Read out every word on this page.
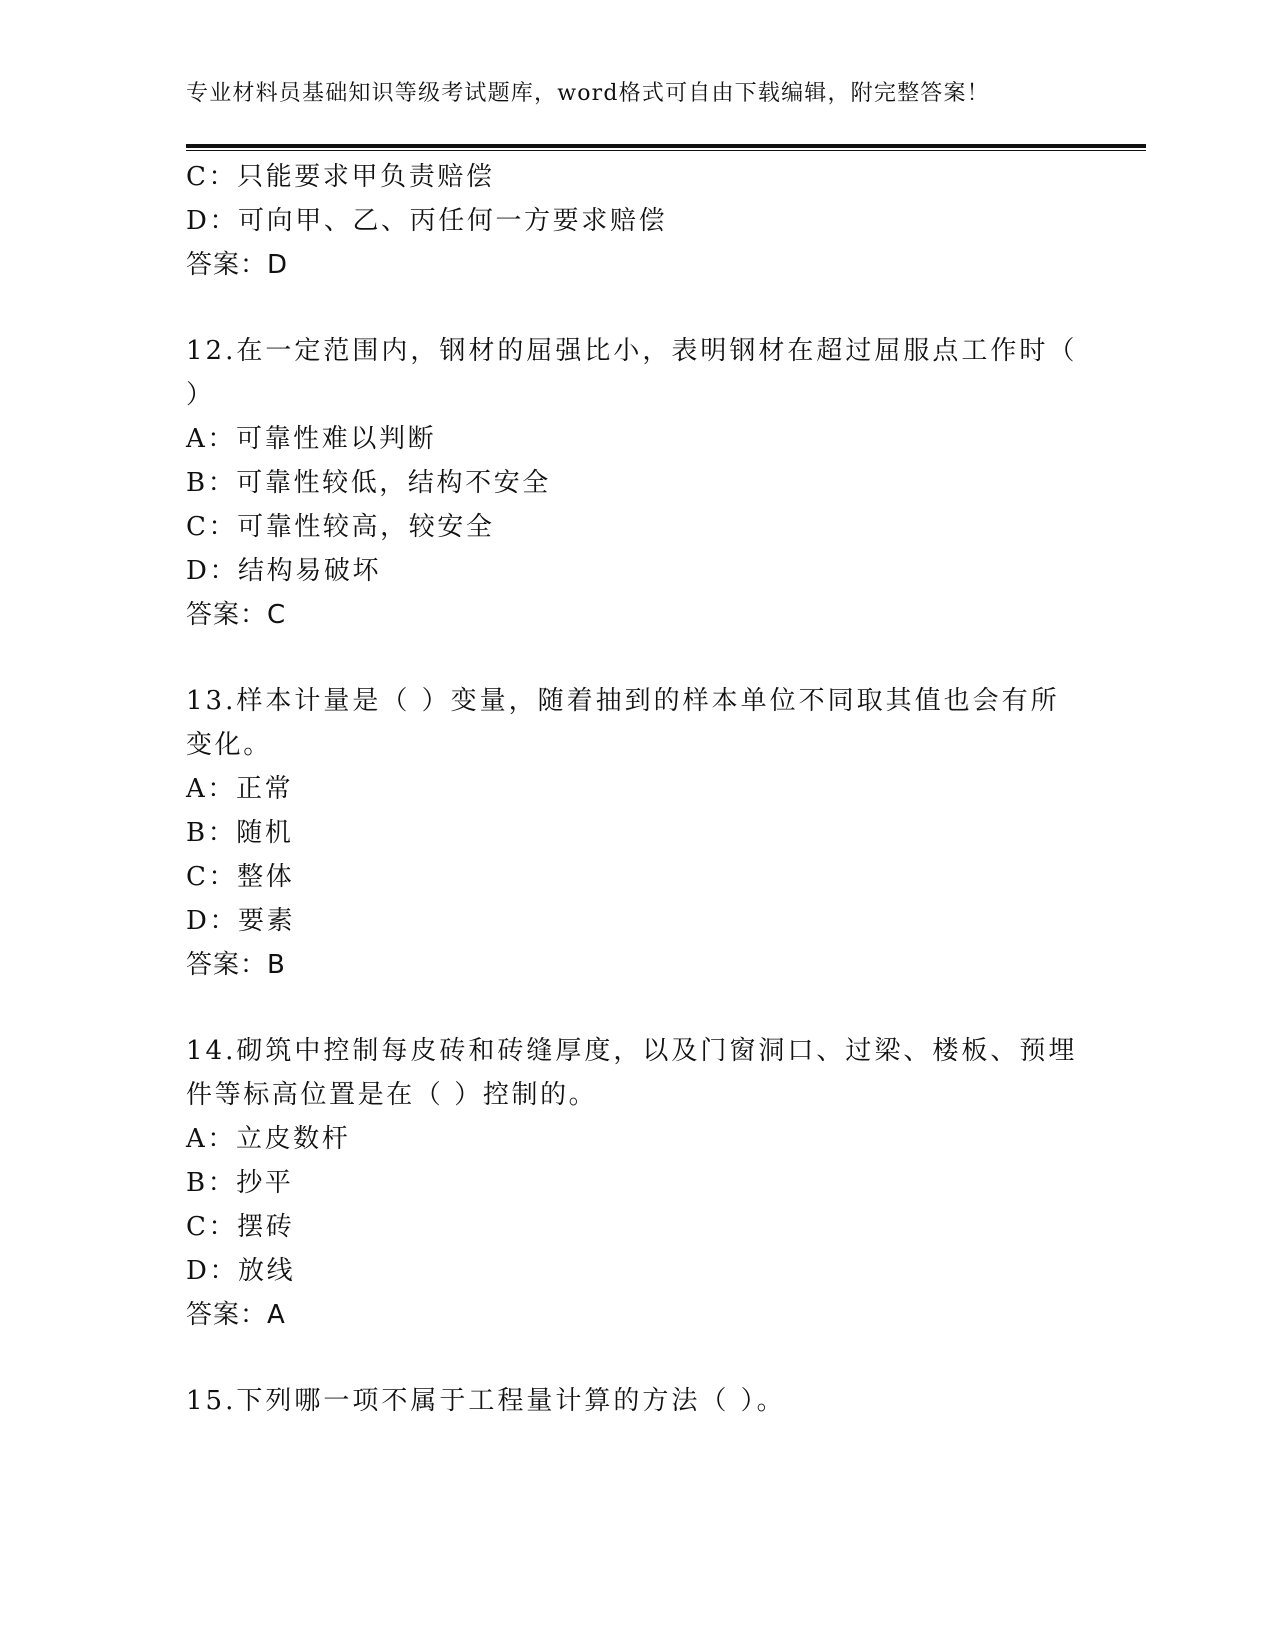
专业材料员基础知识等级考试题库，word格式可自由下载编辑，附完整答案！
C：只能要求甲负责赔偿
D：可向甲、乙、丙任何一方要求赔偿
答案：D
12.在一定范围内，钢材的屈强比小，表明钢材在超过屈服点工作时（
）
A：可靠性难以判断
B：可靠性较低，结构不安全
C：可靠性较高，较安全
D：结构易破坏
答案：C
13.样本计量是（ ）变量，随着抽到的样本单位不同取其值也会有所
变化。
A：正常
B：随机
C：整体
D：要素
答案：B
14.砌筑中控制每皮砖和砖缝厚度，以及门窗洞口、过梁、楼板、预埋
件等标高位置是在（ ）控制的。
A：立皮数杆
B：抄平
C：摆砖
D：放线
答案：A
15.下列哪一项不属于工程量计算的方法（ ）。
